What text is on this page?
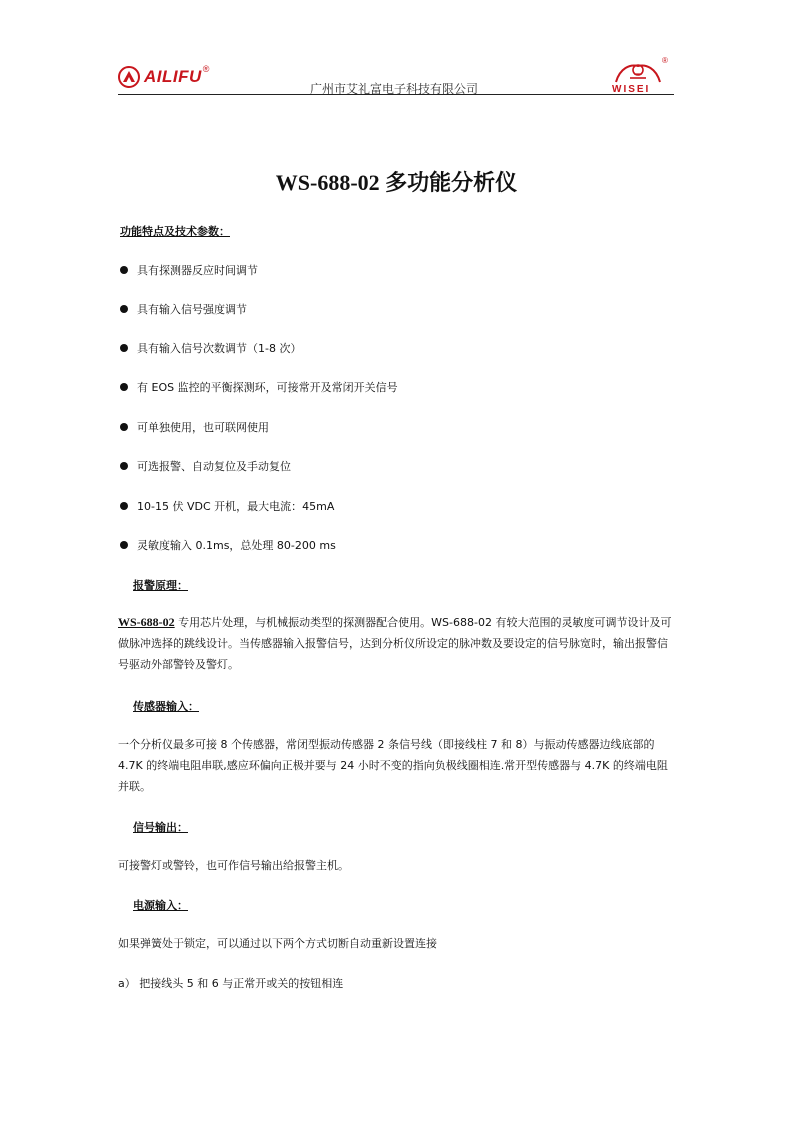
AILIFU ®
广州市艾礼富电子科技有限公司
®
WISEI
WS-688-02 多功能分析仪
功能特点及技术参数：
具有探测器反应时间调节
具有输入信号强度调节
具有输入信号次数调节（1-8 次）
有 EOS 监控的平衡探测环，可接常开及常闭开关信号
可单独使用，也可联网使用
可选报警、自动复位及手动复位
10-15 伏 VDC 开机，最大电流：45mA
灵敏度输入 0.1ms，总处理 80-200 ms
报警原理：
WS-688-02 专用芯片处理，与机械振动类型的探测器配合使用。WS-688-02 有较大范围的灵敏度可调节设计及可做脉冲选择的跳线设计。当传感器输入报警信号，达到分析仪所设定的脉冲数及要设定的信号脉宽时，输出报警信号驱动外部警铃及警灯。
传感器输入：
一个分析仪最多可接 8 个传感器，常闭型振动传感器 2 条信号线（即接线柱 7 和 8）与振动传感器边线底部的 4.7K 的终端电阻串联,感应环偏向正极并要与 24 小时不变的指向负极线圈相连.常开型传感器与 4.7K 的终端电阻并联。
信号输出：
可接警灯或警铃，也可作信号输出给报警主机。
电源输入：
如果弹簧处于锁定，可以通过以下两个方式切断自动重新设置连接
a） 把接线头 5 和 6 与正常开或关的按钮相连
